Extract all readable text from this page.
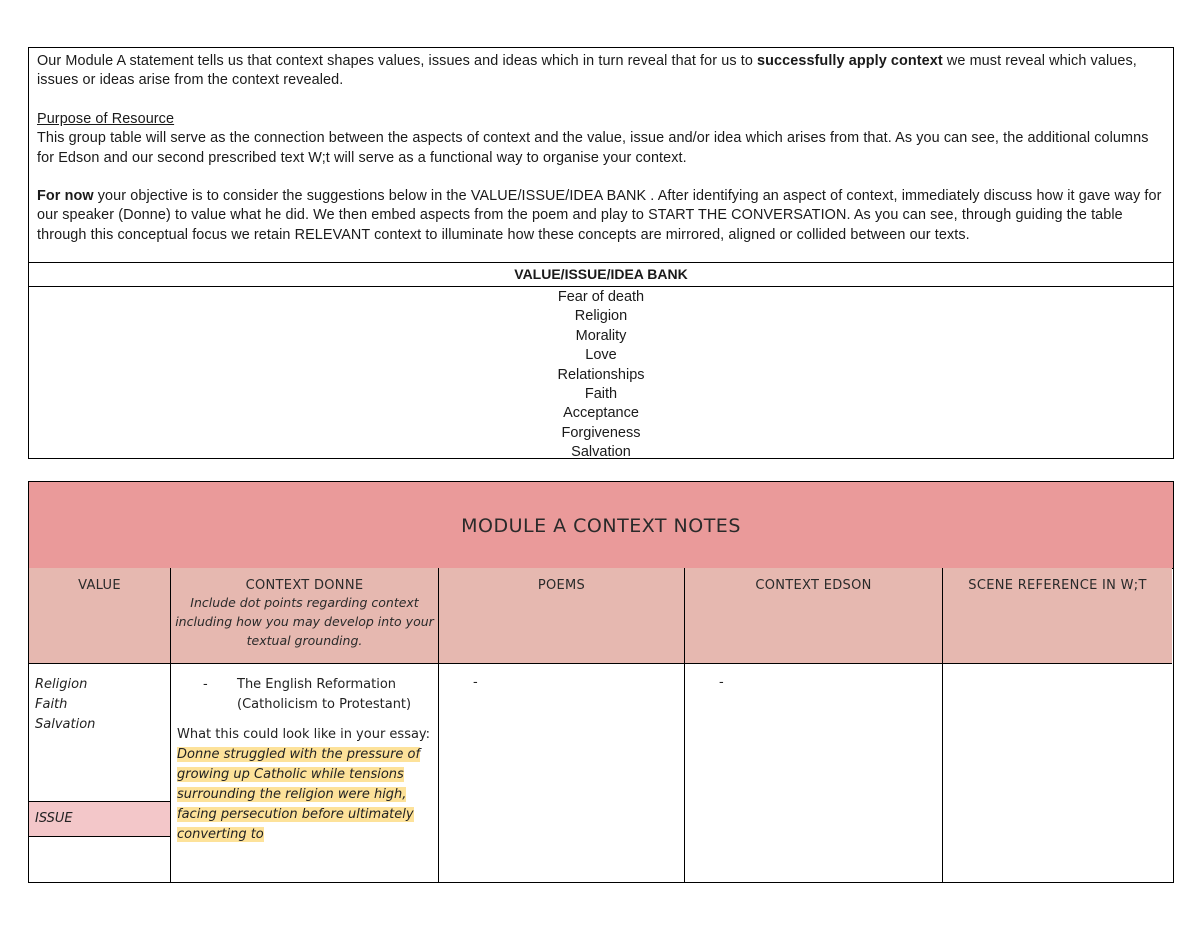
Our Module A statement tells us that context shapes values, issues and ideas which in turn reveal that for us to successfully apply context we must reveal which values, issues or ideas arise from the context revealed.

Purpose of Resource

This group table will serve as the connection between the aspects of context and the value, issue and/or idea which arises from that. As you can see, the additional columns for Edson and our second prescribed text W;t will serve as a functional way to organise your context.

For now your objective is to consider the suggestions below in the VALUE/ISSUE/IDEA BANK . After identifying an aspect of context, immediately discuss how it gave way for our speaker (Donne) to value what he did. We then embed aspects from the poem and play to START THE CONVERSATION. As you can see, through guiding the table through this conceptual focus we retain RELEVANT context to illuminate how these concepts are mirrored, aligned or collided between our texts.

VALUE/ISSUE/IDEA BANK
Fear of death
Religion
Morality
Love
Relationships
Faith
Acceptance
Forgiveness
Salvation
MODULE A CONTEXT NOTES
VALUE
Religion
Faith
Salvation
ISSUE
CONTEXT DONNE
Include dot points regarding context including how you may develop into your textual grounding.
- The English Reformation (Catholicism to Protestant)
What this could look like in your essay:
Donne struggled with the pressure of growing up Catholic while tensions surrounding the religion were high, facing persecution before ultimately converting to
POEMS
-
CONTEXT EDSON
-
SCENE REFERENCE IN W;T
